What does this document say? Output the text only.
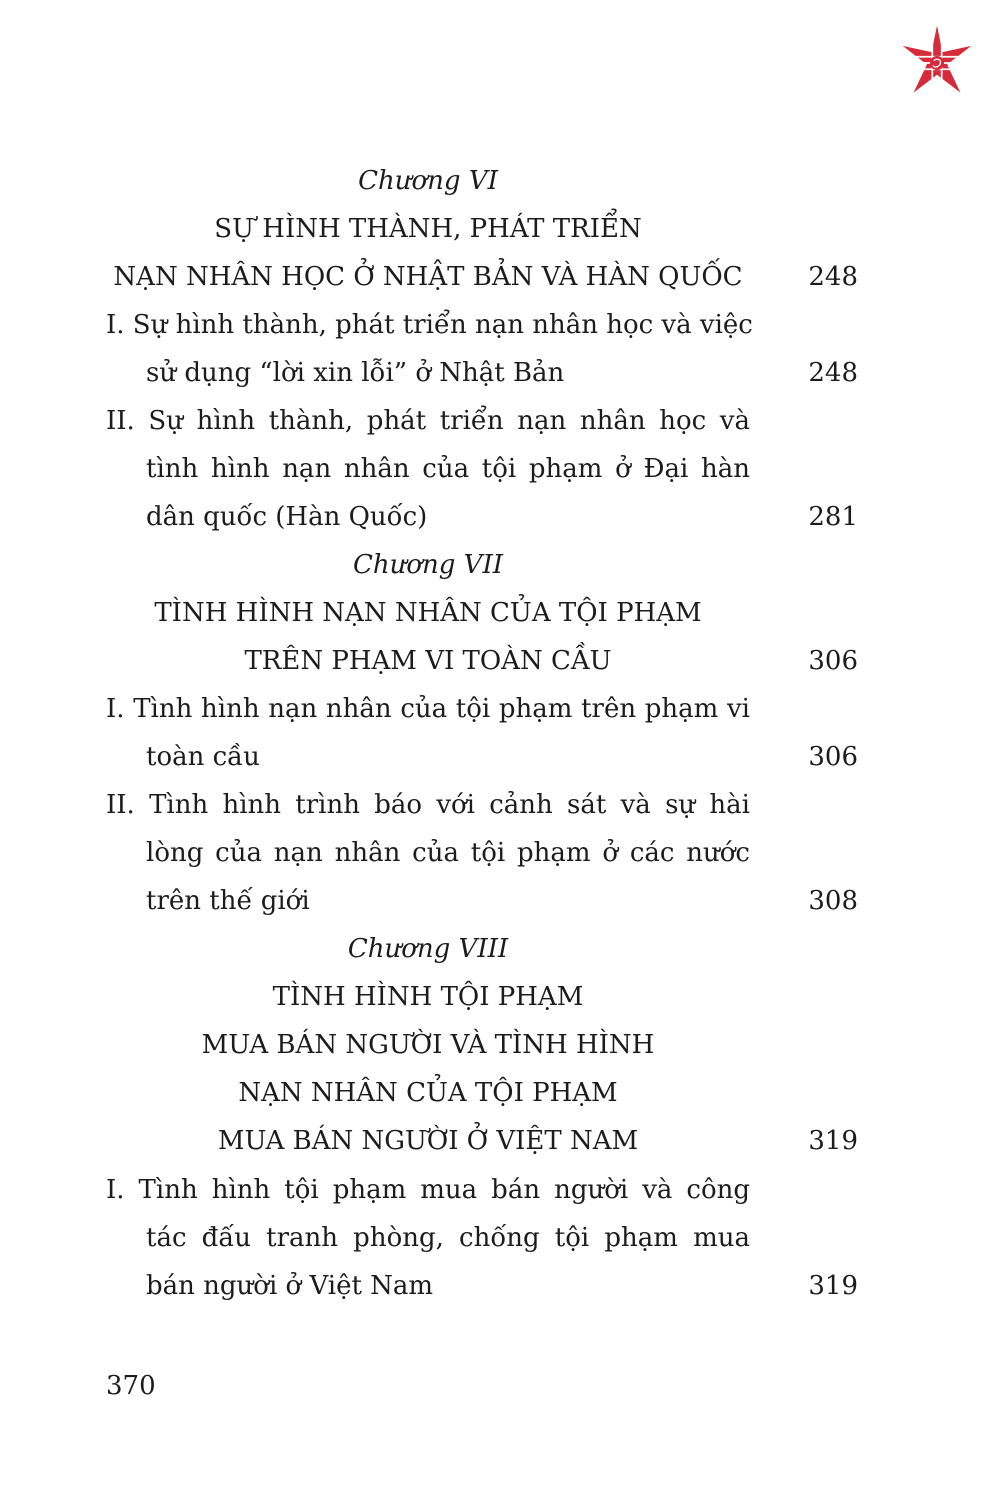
Chương VI
SỰ HÌNH THÀNH, PHÁT TRIỂN
NẠN NHÂN HỌC Ở NHẬT BẢN VÀ HÀN QUỐC	248
I. Sự hình thành, phát triển nạn nhân học và việc
sử dụng “lời xin lỗi” ở Nhật Bản	248
II. Sự hình thành, phát triển nạn nhân học và
tình hình nạn nhân của tội phạm ở Đại hàn
dân quốc (Hàn Quốc)	281
Chương VII
TÌNH HÌNH NẠN NHÂN CỦA TỘI PHẠM
TRÊN PHẠM VI TOÀN CẦU	306
I. Tình hình nạn nhân của tội phạm trên phạm vi
toàn cầu	306
II. Tình hình trình báo với cảnh sát và sự hài
lòng của nạn nhân của tội phạm ở các nước
trên thế giới	308
Chương VIII
TÌNH HÌNH TỘI PHẠM
MUA BÁN NGƯỜI VÀ TÌNH HÌNH
NẠN NHÂN CỦA TỘI PHẠM
MUA BÁN NGƯỜI Ở VIỆT NAM	319
I. Tình hình tội phạm mua bán người và công
tác đấu tranh phòng, chống tội phạm mua
bán người ở Việt Nam	319
370
